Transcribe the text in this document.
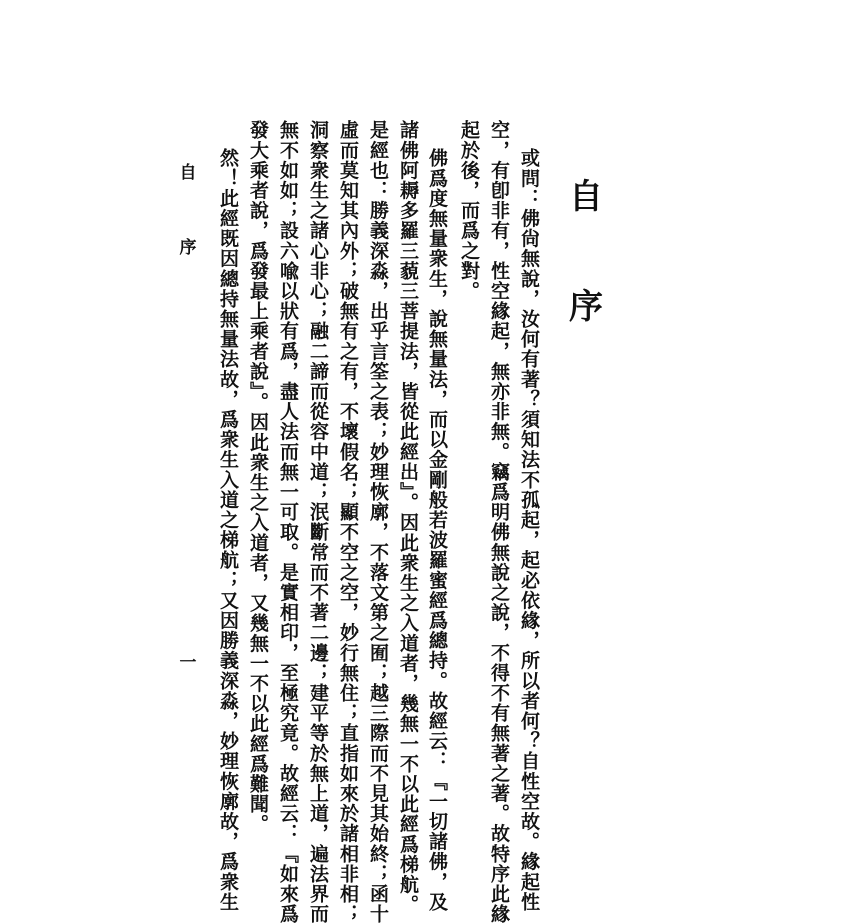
自
序
或問：佛尙無說，汝何有著？須知法不孤起，起必依緣，所以者何？自性空故。緣起性
空，有卽非有，性空緣起，無亦非無。竊爲明佛無說之說，不得不有無著之著。故特序此緣
起於後，而爲之對。
佛爲度無量衆生，說無量法，而以金剛般若波羅蜜經爲總持。故經云：『一切諸佛，及
諸佛阿耨多羅三藐三菩提法，皆從此經出』。因此衆生之入道者，幾無一不以此經爲梯航。
是經也：勝義深淼，出乎言筌之表；妙理恢廓，不落文第之囿；越三際而不見其始終；函十
虛而莫知其內外；破無有之有，不壞假名；顯不空之空，妙行無住；直指如來於諸相非相；
洞察衆生之諸心非心；融二諦而從容中道；泯斷常而不著二邊；建平等於無上道，遍法界而
無不如如；設六喩以狀有爲，盡人法而無一可取。是實相印，至極究竟。故經云：『如來爲
發大乘者說，爲發最上乘者說』。因此衆生之入道者，又幾無一不以此經爲難聞。
然！此經既因總持無量法故，爲衆生入道之梯航；又因勝義深淼，妙理恢廓故，爲衆生
自
序
一
